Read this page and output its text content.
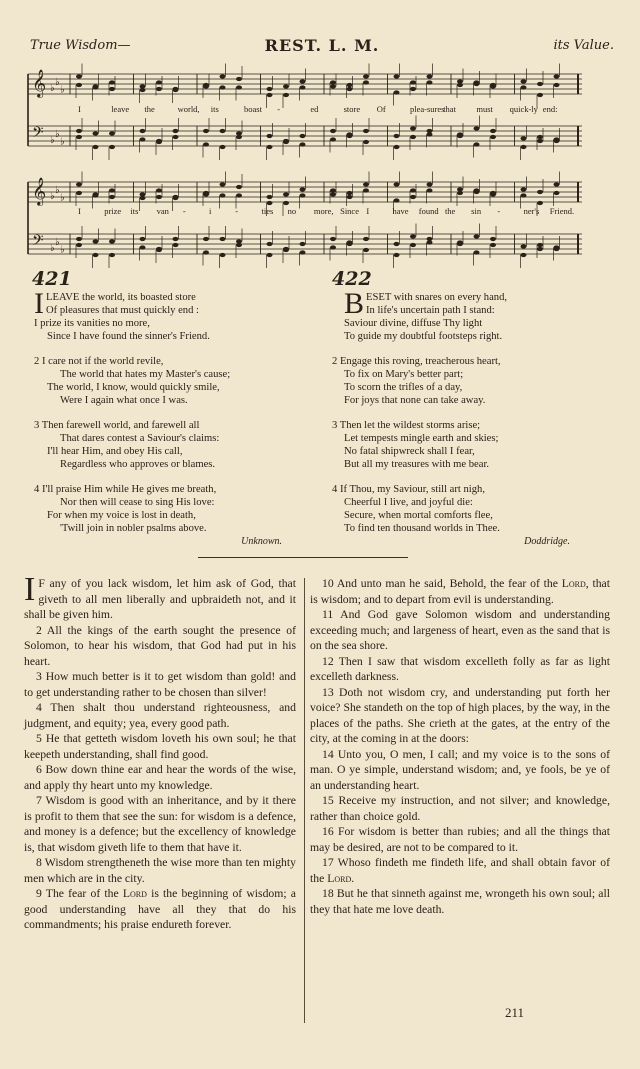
True Wisdom—	REST. L. M.	its Value.
𝄞
𝄢
♭
♭
♭
♭
♭
♭
I	leave the	world, its	boast -	ed	store Of	plea-sures
that must quick-ly end:
𝄞
𝄢
♭
♭
♭
♭
♭
♭
I	prize its van -	i	-	ties no more, Since I	have found the sin -	ner's Friend.
421
I LEAVE the world, its boasted store
Of pleasures that must quickly end :
I prize its vanities no more,
Since I have found the sinner's Friend.
2 I care not if the world revile,
The world that hates my Master's cause;
The world, I know, would quickly smile,
Were I again what once I was.
3 Then farewell world, and farewell all
That dares contest a Saviour's claims:
I'll hear Him, and obey His call,
Regardless who approves or blames.
4 I'll praise Him while He gives me breath,
Nor then will cease to sing His love:
For when my voice is lost in death,
'Twill join in nobler psalms above.
Unknown.
422
B ESET with snares on every hand,
In life's uncertain path I stand:
Saviour divine, diffuse Thy light
To guide my doubtful footsteps right.
2 Engage this roving, treacherous heart,
To fix on Mary's better part;
To scorn the trifles of a day,
For joys that none can take away.
3 Then let the wildest storms arise;
Let tempests mingle earth and skies;
No fatal shipwreck shall I fear,
But all my treasures with me bear.
4 If Thou, my Saviour, still art nigh,
Cheerful I live, and joyful die:
Secure, when mortal comforts flee,
To find ten thousand worlds in Thee.
Doddridge.

I F any of you lack wisdom, let him ask of God, that giveth to all men liberally and upbraideth not, and it shall be given him.

2 All the kings of the earth sought the presence of Solomon, to hear his wisdom, that God had put in his heart.

3 How much better is it to get wisdom than gold! and to get understanding rather to be chosen than silver!

4 Then shalt thou understand righteousness, and judgment, and equity; yea, every good path.

5 He that getteth wisdom loveth his own soul; he that keepeth understanding, shall find good.

6 Bow down thine ear and hear the words of the wise, and apply thy heart unto my knowledge.

7 Wisdom is good with an inheritance, and by it there is profit to them that see the sun: for wisdom is a defence, and money is a defence; but the excellency of knowledge is, that wisdom giveth life to them that have it.

8 Wisdom strengtheneth the wise more than ten mighty men which are in the city.

9 The fear of the Lord is the beginning of wisdom; a good understanding have all they that do his commandments; his praise endureth forever.

10 And unto man he said, Behold, the fear of the Lord, that is wisdom; and to depart from evil is understanding.

11 And God gave Solomon wisdom and understanding exceeding much; and largeness of heart, even as the sand that is on the sea shore.

12 Then I saw that wisdom excelleth folly as far as light excelleth darkness.

13 Doth not wisdom cry, and understanding put forth her voice? She standeth on the top of high places, by the way, in the places of the paths. She crieth at the gates, at the entry of the city, at the coming in at the doors:

14 Unto you, O men, I call; and my voice is to the sons of man. O ye simple, understand wisdom; and, ye fools, be ye of an understanding heart.

15 Receive my instruction, and not silver; and knowledge, rather than choice gold.

16 For wisdom is better than rubies; and all the things that may be desired, are not to be compared to it.

17 Whoso findeth me findeth life, and shall obtain favor of the Lord.

18 But he that sinneth against me, wrongeth his own soul; all they that hate me love death.

211
